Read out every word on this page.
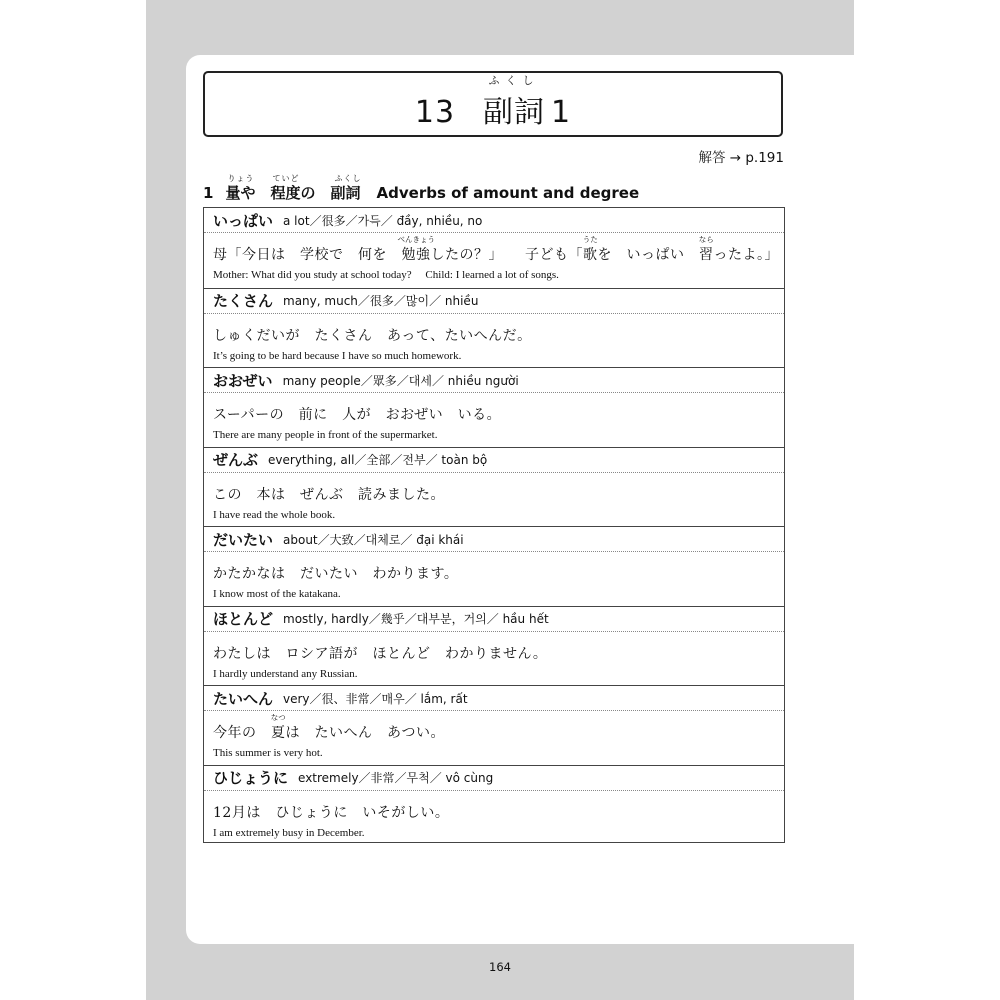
13
ふくし
副詞 1
解答 → p.191
1
りょう
量や　
ていど
程度の　
ふくし
副詞 Adverbs of amount and degree
いっぱい a lot／很多／가득／ đầy, nhiều, no
母「今日は　学校で　何を　
べんきょう
勉強したの？」　　子ども「
うた
歌を　いっぱい　
なら
習ったよ。」
Mother: What did you study at school today?     Child: I learned a lot of songs.
たくさん many, much／很多／많이／ nhiều
しゅくだいが　たくさん　あって、たいへんだ。
It’s going to be hard because I have so much homework.
おおぜい many people／眾多／대세／ nhiều người
スーパーの　前に　人が　おおぜい　いる。
There are many people in front of the supermarket.
ぜんぶ everything, all／全部／전부／ toàn bộ
この　本は　ぜんぶ　読みました。
I have read the whole book.
だいたい about／大致／대체로／ đại khái
かたかなは　だいたい　わかります。
I know most of the katakana.
ほとんど mostly, hardly／幾乎／대부분，거의／ hầu hết
わたしは　ロシア語が　ほとんど　わかりません。
I hardly understand any Russian.
たいへん very／很、非常／매우／ lắm, rất
今年の　
なつ
夏は　たいへん　あつい。
This summer is very hot.
ひじょうに extremely／非常／무척／ vô cùng
12月は　ひじょうに　いそがしい。
I am extremely busy in December.
164
